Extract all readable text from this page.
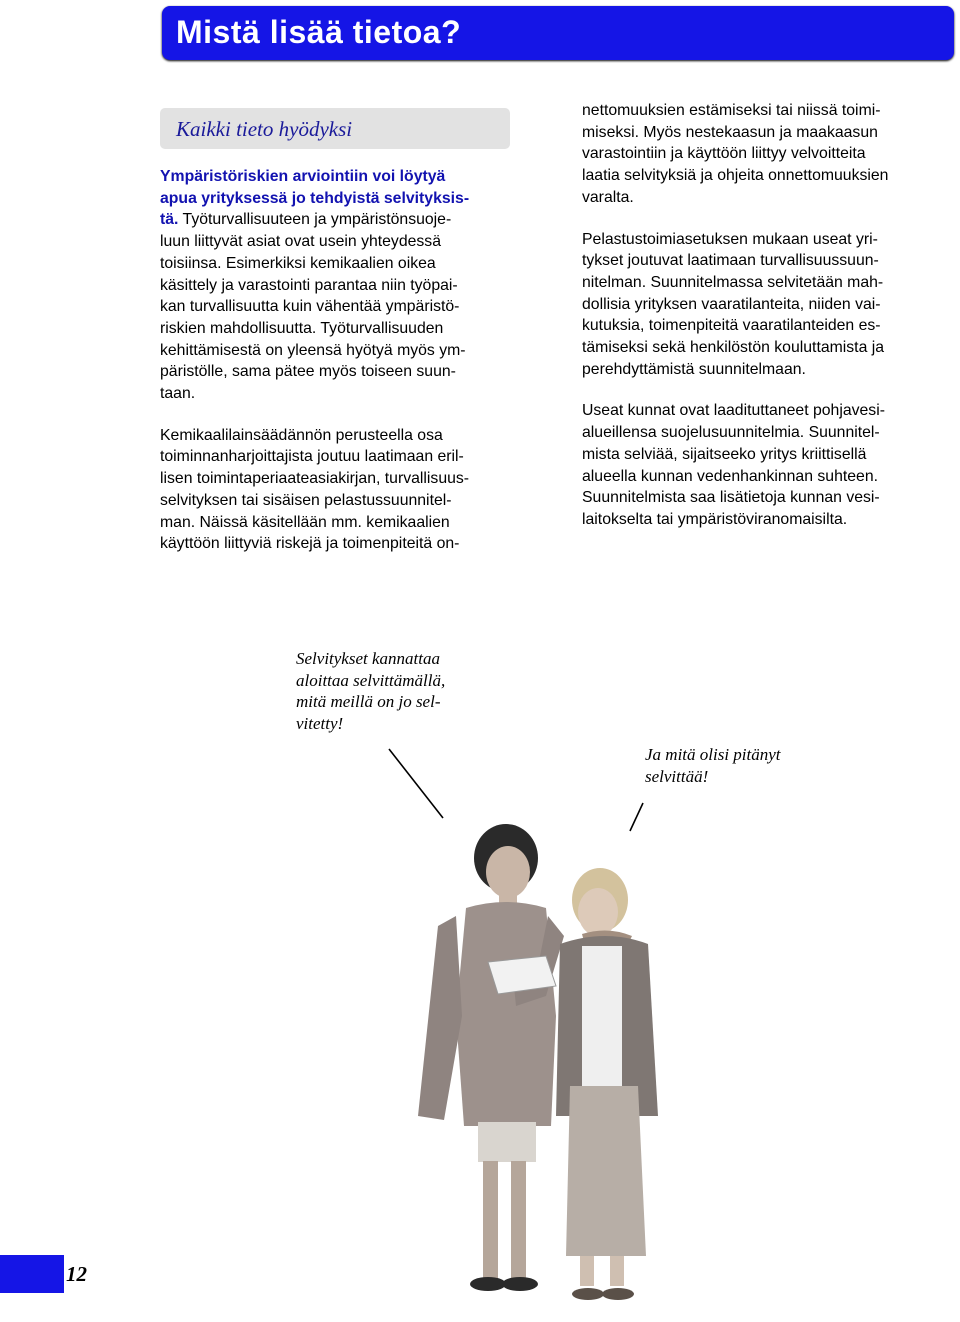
Mistä lisää tietoa?
Kaikki tieto hyödyksi

Ympäristöriskien arviointiin voi löytyä
apua yrityksessä jo tehdyistä selvityksis-
tä. Työturvallisuuteen ja ympäristönsuoje-
luun liittyvät asiat ovat usein yhteydessä
toisiinsa. Esimerkiksi kemikaalien oikea
käsittely ja varastointi parantaa niin työpai-
kan turvallisuutta kuin vähentää ympäristö-
riskien mahdollisuutta. Työturvallisuuden
kehittämisestä on yleensä hyötyä myös ym-
päristölle, sama pätee myös toiseen suun-
taan.

Kemikaalilainsäädännön perusteella osa
toiminnanharjoittajista joutuu laatimaan eril-
lisen toimintaperiaateasiakirjan, turvallisuus-
selvityksen tai sisäisen pelastussuunnitel-
man. Näissä käsitellään mm. kemikaalien
käyttöön liittyviä riskejä ja toimenpiteitä on-

nettomuuksien estämiseksi tai niissä toimi-
miseksi. Myös nestekaasun ja maakaasun
varastointiin ja käyttöön liittyy velvoitteita
laatia selvityksiä ja ohjeita onnettomuuksien
varalta.

Pelastustoimiasetuksen mukaan useat yri-
tykset joutuvat laatimaan turvallisuussuun-
nitelman. Suunnitelmassa selvitetään mah-
dollisia yrityksen vaaratilanteita, niiden vai-
kutuksia, toimenpiteitä vaaratilanteiden es-
tämiseksi sekä henkilöstön kouluttamista ja
perehdyttämistä suunnitelmaan.

Useat kunnat ovat laadituttaneet pohjavesi-
alueillensa suojelusuunnitelmia. Suunnitel-
mista selviää, sijaitseeko yritys kriittisellä
alueella kunnan vedenhankinnan suhteen.
Suunnitelmista saa lisätietoja kunnan vesi-
laitokselta tai ympäristöviranomaisilta.

Selvitykset kannattaa
aloittaa selvittämällä,
mitä meillä on jo sel-
vitetty!

Ja mitä olisi pitänyt
selvittää!

12
